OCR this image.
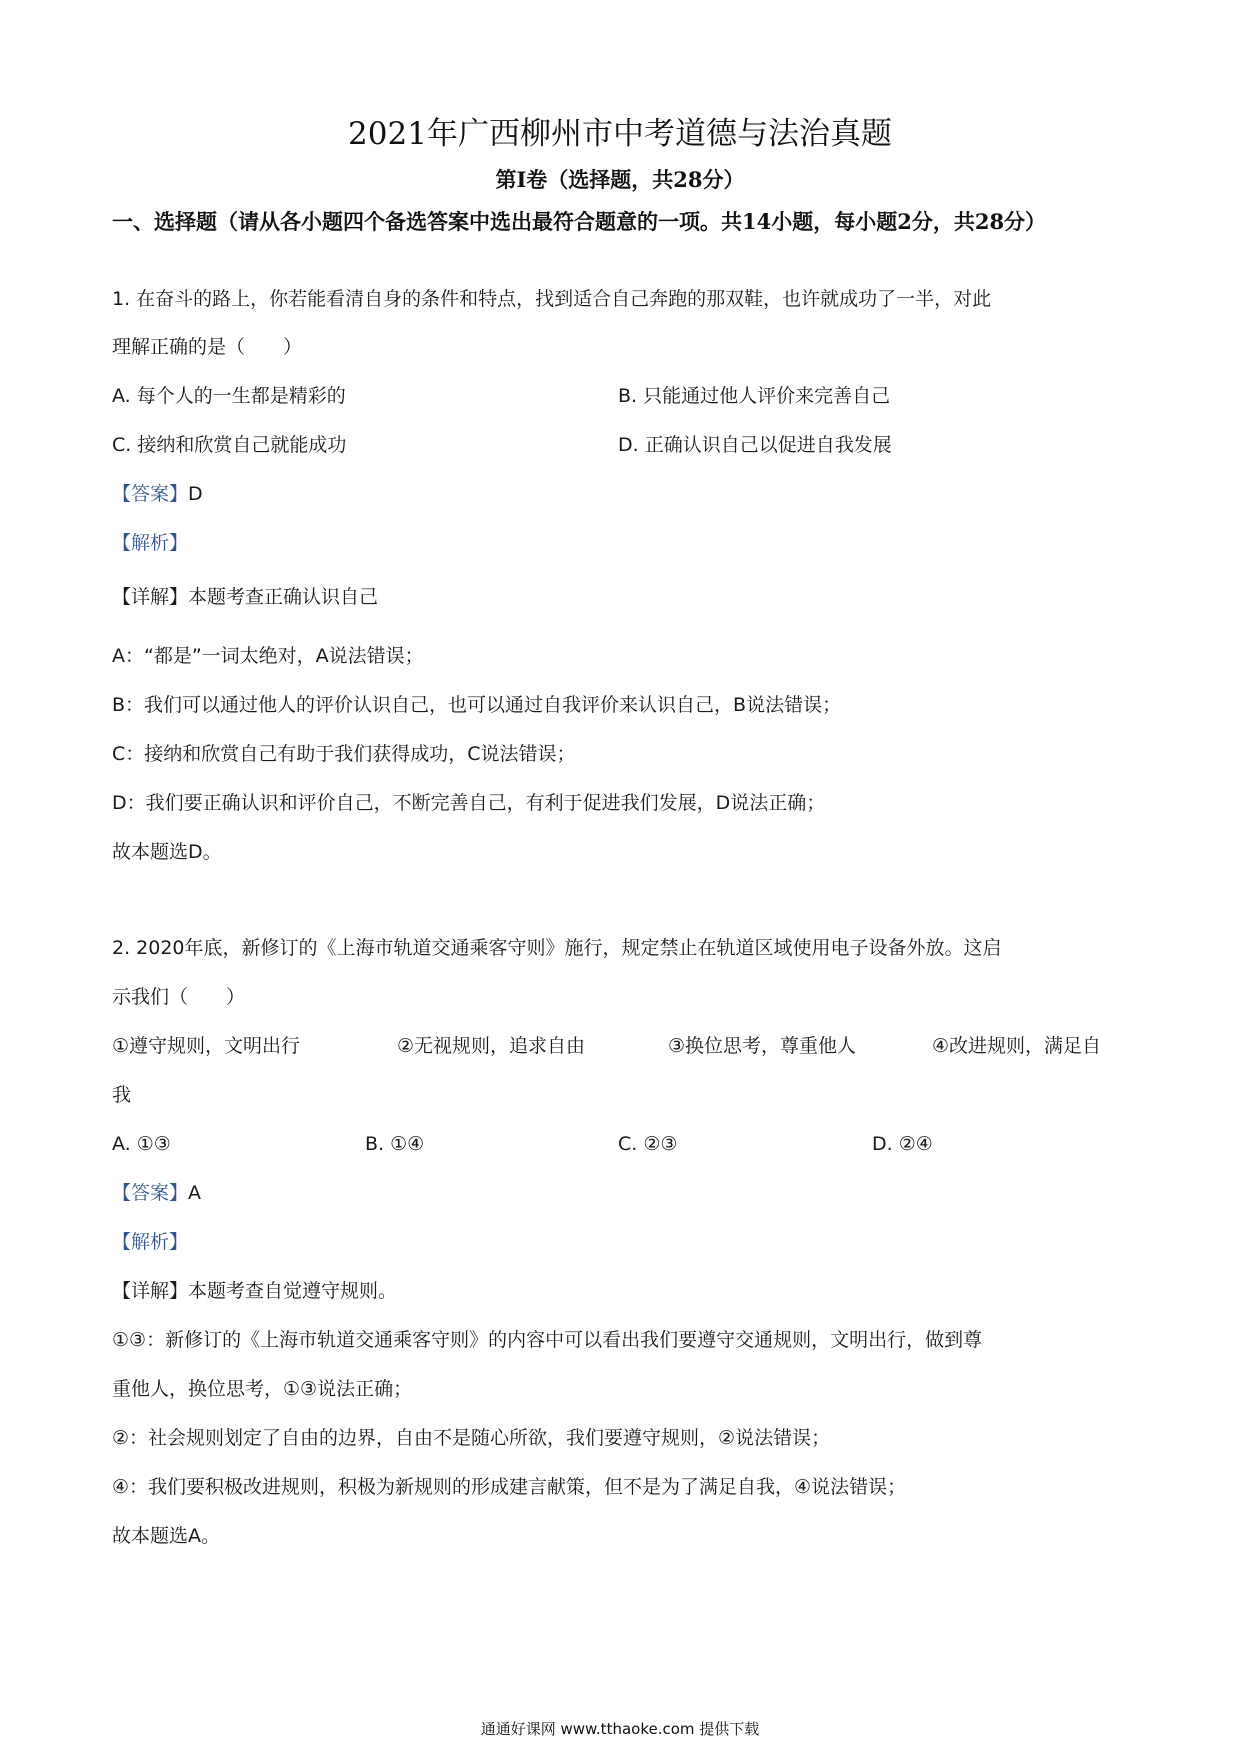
2021年广西柳州市中考道德与法治真题
第Ⅰ卷（选择题，共28分）
一、选择题（请从各小题四个备选答案中选出最符合题意的一项。共14小题，每小题2分，共28分）
1. 在奋斗的路上，你若能看清自身的条件和特点，找到适合自己奔跑的那双鞋，也许就成功了一半，对此
理解正确的是（　　）
A. 每个人的一生都是精彩的	B. 只能通过他人评价来完善自己
C. 接纳和欣赏自己就能成功	D. 正确认识自己以促进自我发展
【答案】D
【解析】
【详解】本题考查正确认识自己
A：“都是”一词太绝对，A说法错误；
B：我们可以通过他人的评价认识自己，也可以通过自我评价来认识自己，B说法错误；
C：接纳和欣赏自己有助于我们获得成功，C说法错误；
D：我们要正确认识和评价自己，不断完善自己，有利于促进我们发展，D说法正确；
故本题选D。
2. 2020年底，新修订的《上海市轨道交通乘客守则》施行，规定禁止在轨道区域使用电子设备外放。这启
示我们（　　）
①遵守规则，文明出行	②无视规则，追求自由	③换位思考，尊重他人	④改进规则，满足自
我
A. ①③	B. ①④	C. ②③	D. ②④
【答案】A
【解析】
【详解】本题考查自觉遵守规则。
①③：新修订的《上海市轨道交通乘客守则》的内容中可以看出我们要遵守交通规则，文明出行，做到尊
重他人，换位思考，①③说法正确；
②：社会规则划定了自由的边界，自由不是随心所欲，我们要遵守规则，②说法错误；
④：我们要积极改进规则，积极为新规则的形成建言献策，但不是为了满足自我，④说法错误；
故本题选A。
通通好课网 www.tthaoke.com 提供下载
